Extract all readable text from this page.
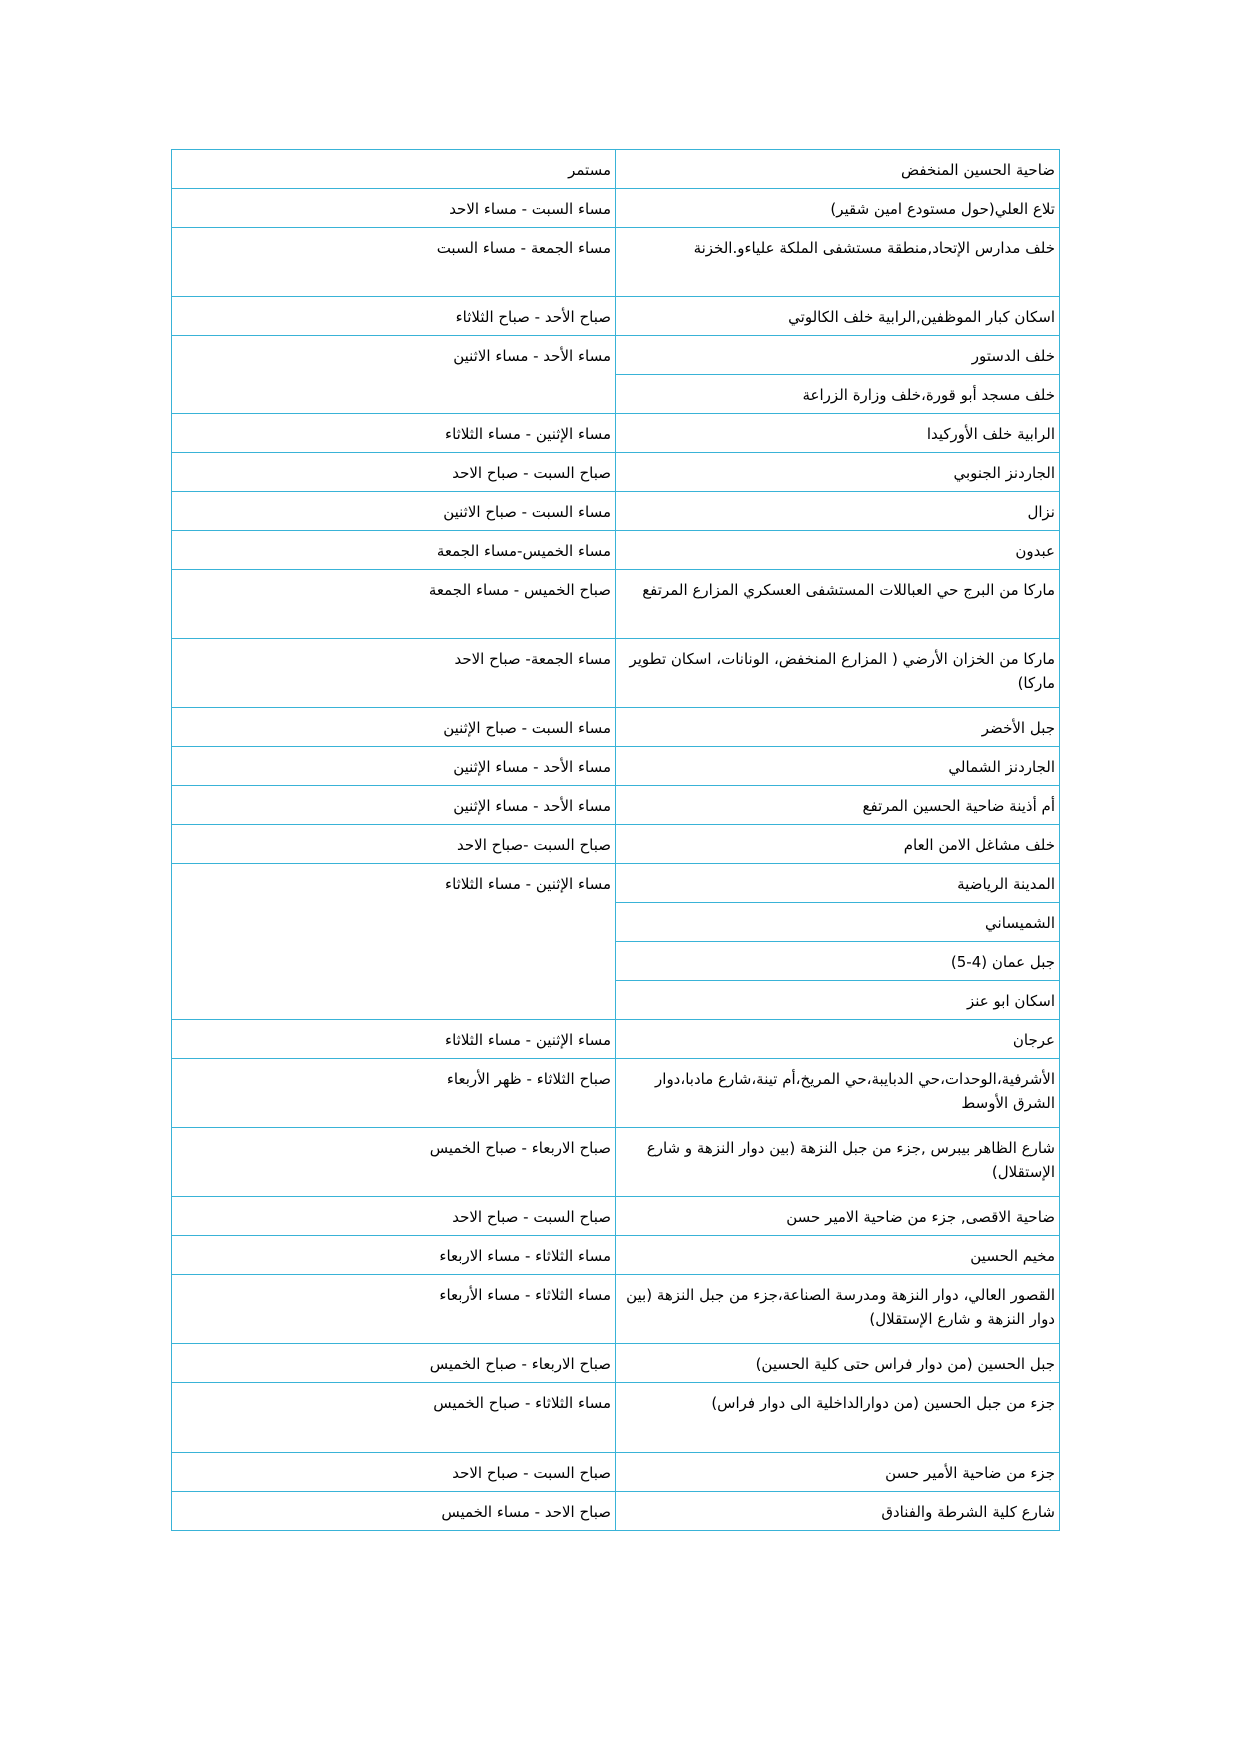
ضاحية الحسين المنخفض	مستمر
تلاع العلي(حول مستودع امين شقير)	مساء السبت - مساء الاحد
خلف مدارس الإتحاد,منطقة مستشفى الملكة علياءو.الخزنة	مساء الجمعة - مساء السبت
اسكان كبار الموظفين,الرابية خلف الكالوتي	صباح الأحد - صباح الثلاثاء
خلف الدستور	مساء الأحد - مساء الاثنين
خلف مسجد أبو قورة،خلف وزارة الزراعة	
الرابية خلف الأوركيدا	مساء الإثنين - مساء الثلاثاء
الجاردنز الجنوبي	صباح السبت - صباح الاحد
نزال	مساء السبت - صباح الاثنين
عبدون	مساء الخميس-مساء الجمعة
ماركا من البرج حي العباللات المستشفى العسكري المزارع المرتفع	صباح الخميس - مساء الجمعة
ماركا من الخزان الأرضي ( المزارع المنخفض، الونانات، اسكان تطوير ماركا)	مساء الجمعة- صباح الاحد
جبل الأخضر	مساء السبت - صباح الإثنين
الجاردنز الشمالي	مساء الأحد - مساء الإثنين
أم أذينة ضاحية الحسين المرتفع	مساء الأحد - مساء الإثنين
خلف مشاغل الامن العام	صباح السبت -صباح الاحد
المدينة الرياضية	مساء الإثنين - مساء الثلاثاء
الشميساني	
جبل عمان (4-5)	
اسكان ابو عنز	
عرجان	مساء الإثنين - مساء الثلاثاء
الأشرفية،الوحدات،حي الدبايبة،حي المريخ،أم تينة،شارع مادبا،دوار الشرق الأوسط	صباح الثلاثاء - ظهر الأربعاء
شارع الظاهر بيبرس ,جزء من جبل النزهة (بين دوار النزهة و شارع الإستقلال)	صباح الاربعاء - صباح الخميس
ضاحية الاقصى, جزء من ضاحية الامير حسن	صباح السبت - صباح الاحد
مخيم الحسين	مساء الثلاثاء - مساء الاربعاء
القصور العالي، دوار النزهة ومدرسة الصناعة،جزء من جبل النزهة (بين دوار النزهة و شارع الإستقلال)	مساء الثلاثاء - مساء الأربعاء
جبل الحسين (من دوار فراس حتى كلية الحسين)	صباح الاربعاء - صباح الخميس
جزء من جبل الحسين (من دوارالداخلية الى دوار فراس)	مساء الثلاثاء - صباح الخميس
جزء من ضاحية الأمير حسن	صباح السبت - صباح الاحد
شارع كلية الشرطة والفنادق	صباح الاحد - مساء الخميس
